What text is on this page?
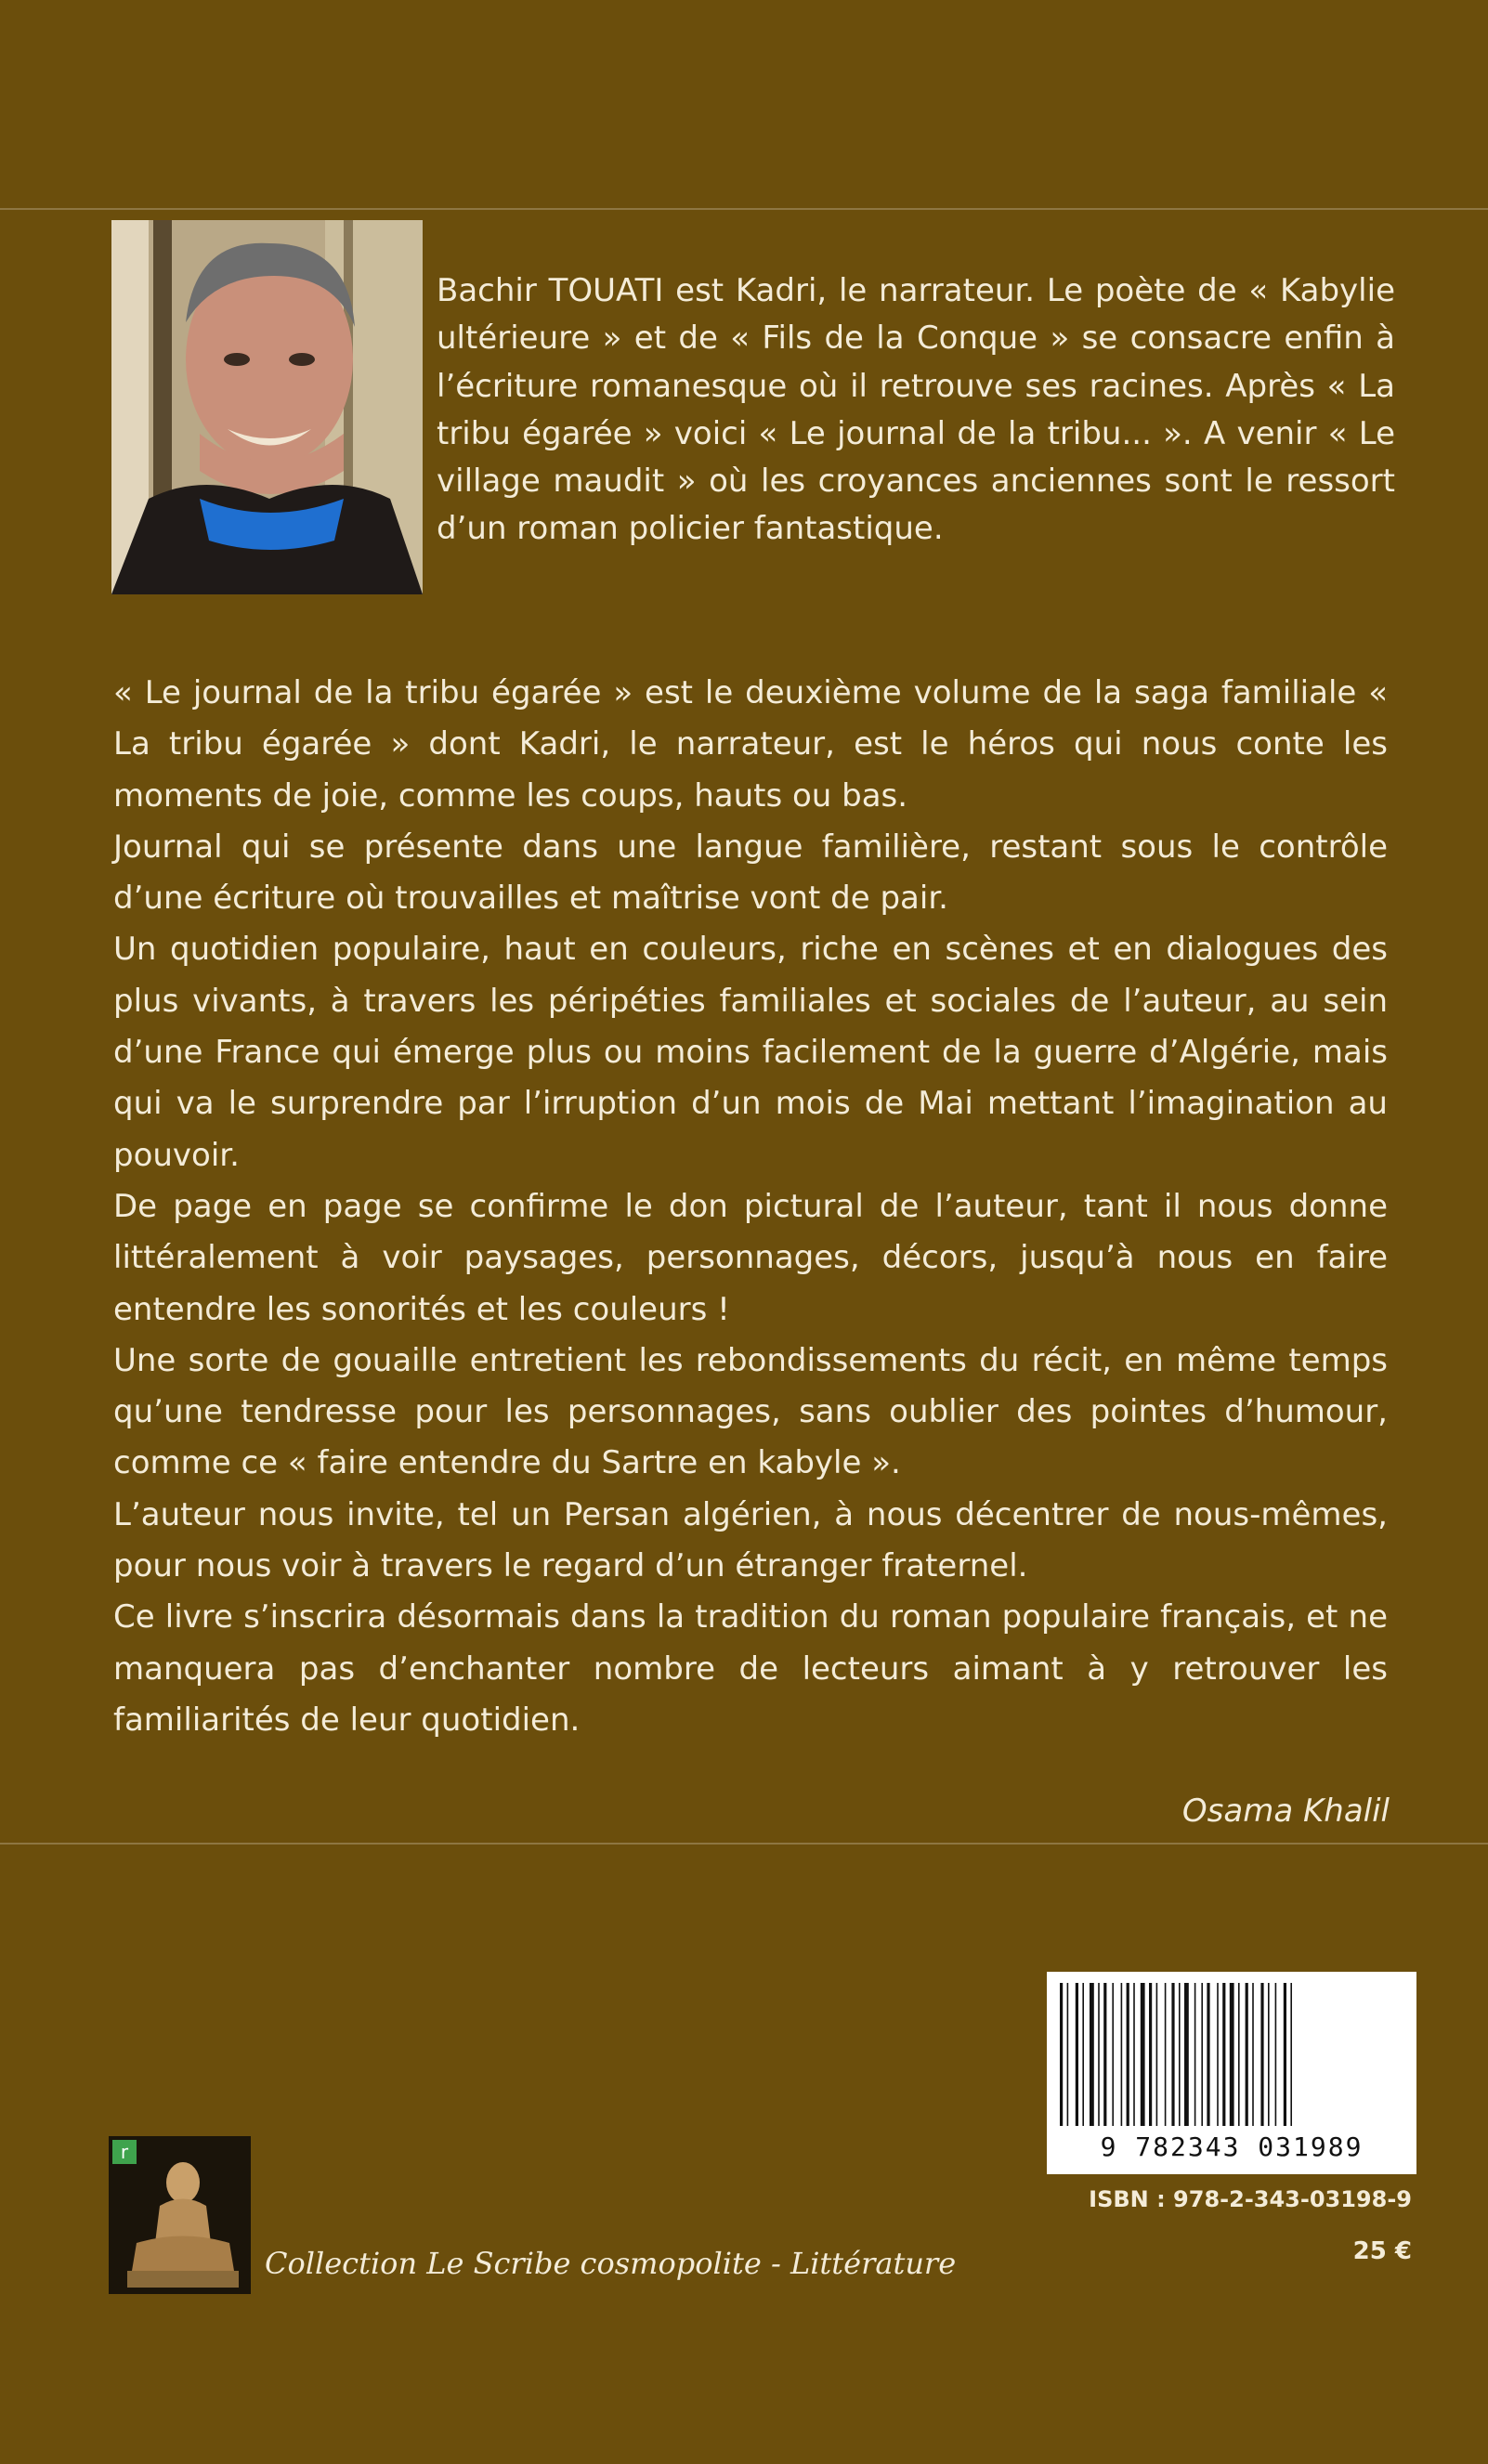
Bachir TOUATI est Kadri, le narrateur. Le poète de « Kabylie ultérieure » et de « Fils de la Conque » se consacre enfin à l’écriture romanesque où il retrouve ses racines. Après « La tribu égarée » voici « Le journal de la tribu... ». A venir « Le village maudit » où les croyances anciennes sont le ressort d’un roman policier fantastique.

« Le journal de la tribu égarée » est le deuxième volume de la saga familiale « La tribu égarée » dont Kadri, le narrateur, est le héros qui nous conte les moments de joie, comme les coups, hauts ou bas.

Journal qui se présente dans une langue familière, restant sous le contrôle d’une écriture où trouvailles et maîtrise vont de pair.

Un quotidien populaire, haut en couleurs, riche en scènes et en dialogues des plus vivants, à travers les péripéties familiales et sociales de l’auteur, au sein d’une France qui émerge plus ou moins facilement de la guerre d’Algérie, mais qui va le surprendre par l’irruption d’un mois de Mai mettant l’imagination au pouvoir.

De page en page se confirme le don pictural de l’auteur, tant il nous donne littéralement à voir paysages, personnages, décors, jusqu’à nous en faire entendre les sonorités et les couleurs !

Une sorte de gouaille entretient les rebondissements du récit, en même temps qu’une tendresse pour les personnages, sans oublier des pointes d’humour, comme ce « faire entendre du Sartre en kabyle ».

L’auteur nous invite, tel un Persan algérien, à nous décentrer de nous-mêmes, pour nous voir à travers le regard d’un étranger fraternel.

Ce livre s’inscrira désormais dans la tradition du roman populaire français, et ne manquera pas d’enchanter nombre de lecteurs aimant à y retrouver les familiarités de leur quotidien.

Osama Khalil
9 782343 031989
ISBN : 978-2-343-03198-9
25 €
r
Collection Le Scribe cosmopolite - Littérature
